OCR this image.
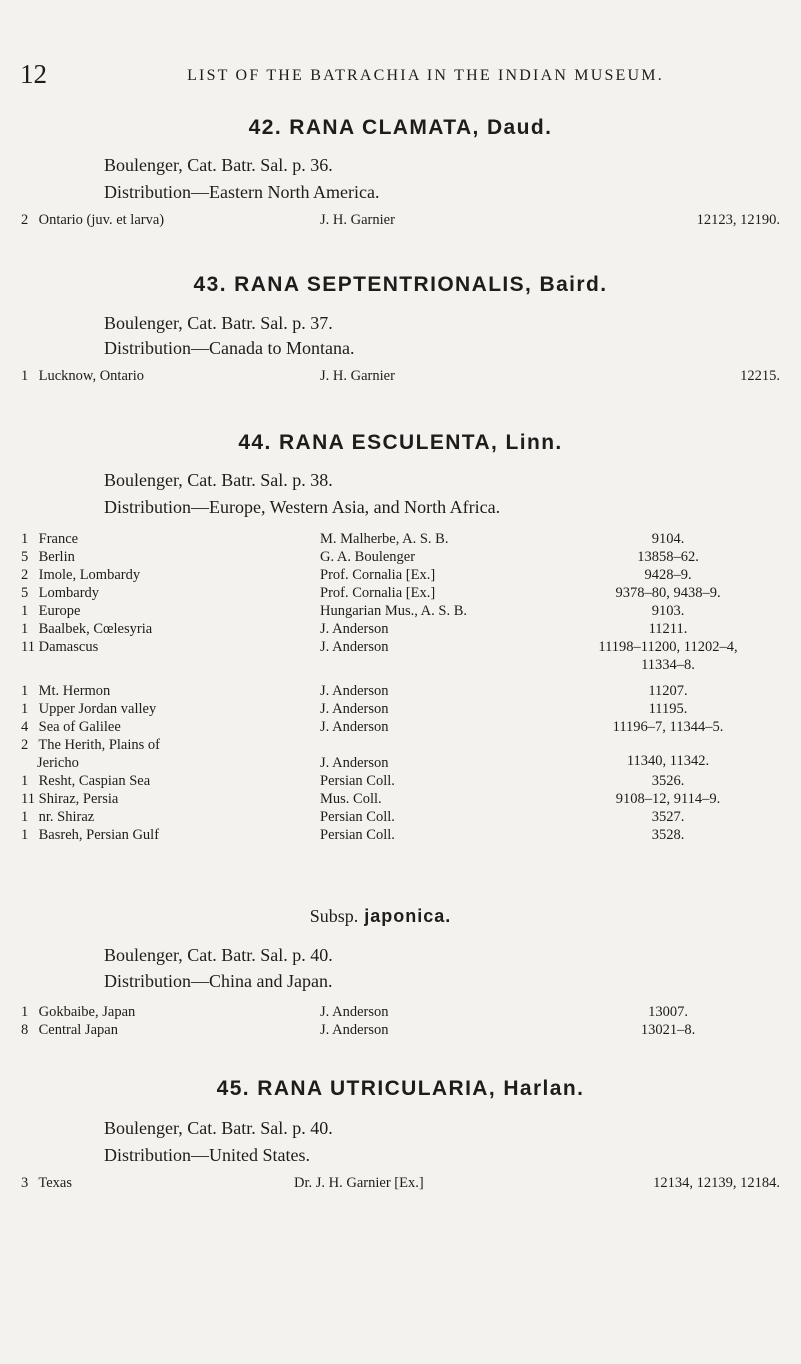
12	LIST OF THE BATRACHIA IN THE INDIAN MUSEUM.
42. RANA CLAMATA, Daud.
Boulenger, Cat. Batr. Sal. p. 36.
Distribution—Eastern North America.
2 Ontario (juv. et larva)	J. H. Garnier	12123, 12190.
43. RANA SEPTENTRIONALIS, Baird.
Boulenger, Cat. Batr. Sal. p. 37.
Distribution—Canada to Montana.
1 Lucknow, Ontario	J. H. Garnier	12215.
44. RANA ESCULENTA, Linn.
Boulenger, Cat. Batr. Sal. p. 38.
Distribution—Europe, Western Asia, and North Africa.
1 France	M. Malherbe, A. S. B.	9104.
5 Berlin	G. A. Boulenger	13858–62.
2 Imole, Lombardy	Prof. Cornalia [Ex.]	9428–9.
5 Lombardy	Prof. Cornalia [Ex.]	9378–80, 9438–9.
1 Europe	Hungarian Mus., A. S. B.	9103.
1 Baalbek, Cœlesyria	J. Anderson	11211.
11 Damascus	J. Anderson	11198–11200, 11202–4,
11334–8.
1 Mt. Hermon	J. Anderson	11207.
1 Upper Jordan valley	J. Anderson	11195.
4 Sea of Galilee	J. Anderson	11196–7, 11344–5.
2 The Herith, Plains of
Jericho	J. Anderson	11340, 11342.
1 Resht, Caspian Sea	Persian Coll.	3526.
11 Shiraz, Persia	Mus. Coll.	9108–12, 9114–9.
1 nr. Shiraz	Persian Coll.	3527.
1 Basreh, Persian Gulf	Persian Coll.	3528.
Subsp. japonica.
Boulenger, Cat. Batr. Sal. p. 40.
Distribution—China and Japan.
1 Gokbaibe, Japan	J. Anderson	13007.
8 Central Japan	J. Anderson	13021–8.
45. RANA UTRICULARIA, Harlan.
Boulenger, Cat. Batr. Sal. p. 40.
Distribution—United States.
3 Texas	Dr. J. H. Garnier [Ex.]	12134, 12139, 12184.
